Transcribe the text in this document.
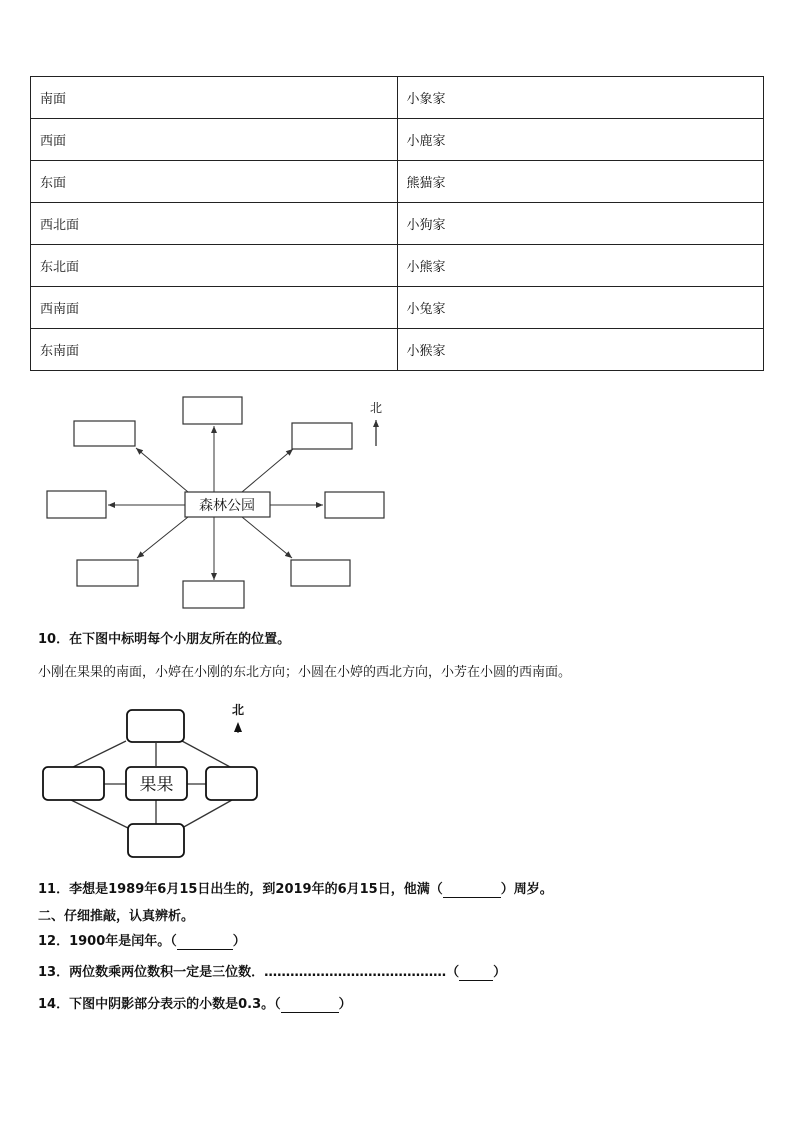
南面	小象家
西面	小鹿家
东面	熊猫家
西北面	小狗家
东北面	小熊家
西南面	小兔家
东南面	小猴家
森林公园
北
10．在下图中标明每个小朋友所在的位置。
小刚在果果的南面，小婷在小刚的东北方向；小圆在小婷的西北方向，小芳在小圆的西南面。
果果
北
11．李想是1989年6月15日出生的，到2019年的6月15日，他满（	）周岁。
二、仔细推敲，认真辨析。
12．1900年是闰年。（	）
13．两位数乘两位数积一定是三位数．……………………………………（	）
14．下图中阴影部分表示的小数是0.3。（	）
